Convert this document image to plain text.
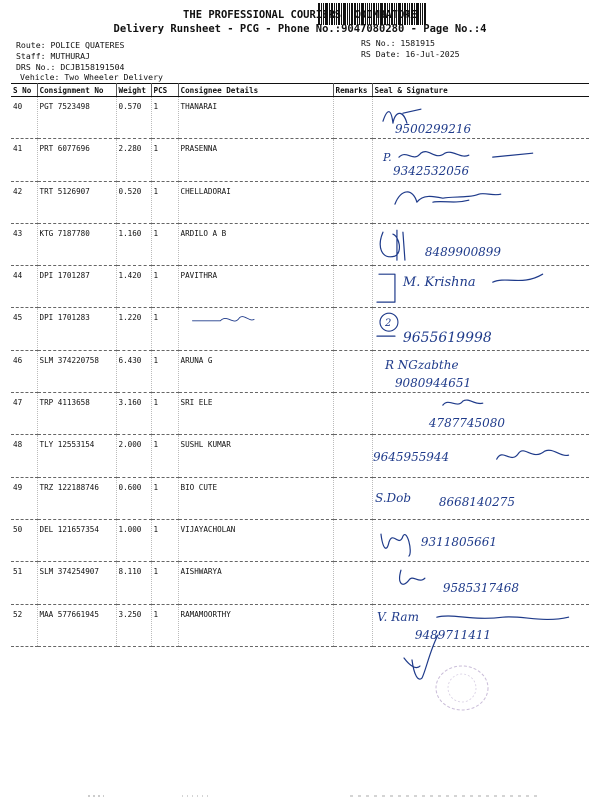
THE PROFESSIONAL COURIERS, COIMBATORE
Delivery Runsheet - PCG - Phone No.:9047080280 - Page No.:4
Route: POLICE QUATERES
Staff: MUTHURAJ
DRS No.: DCJB158191504
Vehicle: Two Wheeler Delivery
RS No.: 1581915
RS Date: 16-Jul-2025
S No	Consignment No	Weight	PCS	Consignee Details	Remarks	Seal & Signature
40	PGT 7523498	0.570	1	THANARAI		9500299216

41	PRT 6077696	2.280	1	PRASENNA		P.
9342532056

42	TRT 5126907	0.520	1	CHELLADORAI		

43	KTG 7187780	1.160	1	ARDILO A B		8489900899

44	DPI 1701287	1.420	1	PAVITHRA		M. Krishna

45	DPI 1701283	1.220	1			2
9655619998

46	SLM 374220758	6.430	1	ARUNA G		R NGzabthe
9080944651

47	TRP 4113658	3.160	1	SRI ELE		4787745080

48	TLY 12553154	2.000	1	SUSHL KUMAR		9645955944

49	TRZ 122188746	0.600	1	BIO CUTE		S.Dob 8668140275

50	DEL 121657354	1.000	1	VIJAYACHOLAN		9311805661

51	SLM 374254907	8.110	1	AISHWARYA		9585317468

52	MAA 577661945	3.250	1	RAMAMOORTHY		V. Ram
9489711411
